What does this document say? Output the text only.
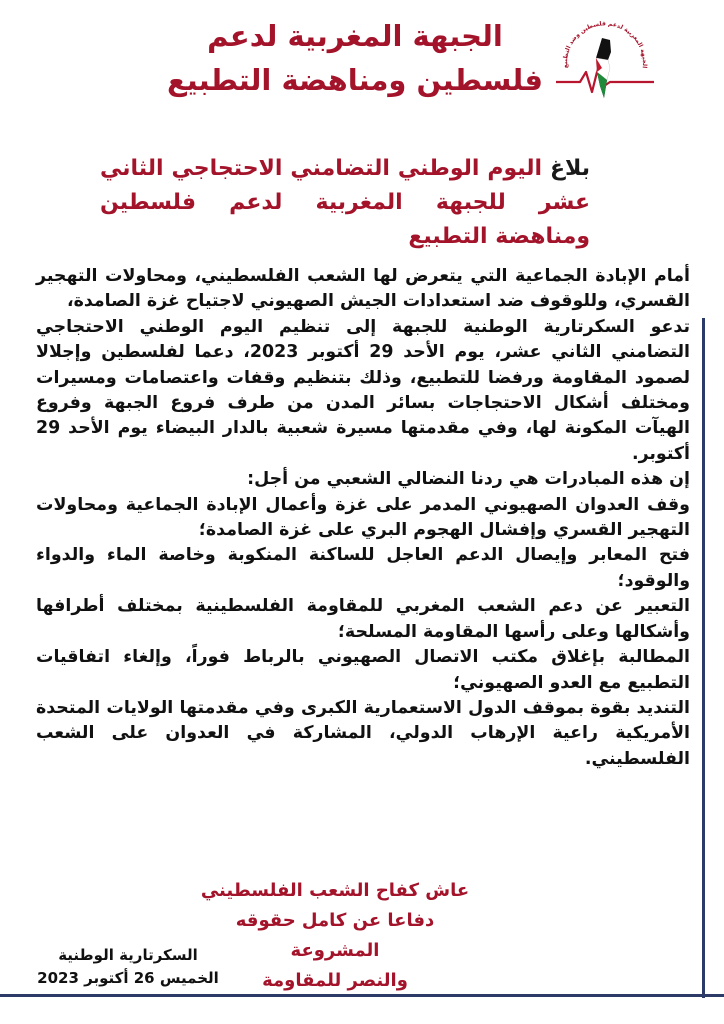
الجبهة المغربية لدعم
فلسطين ومناهضة التطبيع	الجبهة المغربية لدعم فلسطين وضد التطبيع
بلاغ اليوم الوطني التضامني الاحتجاجي الثاني عشر للجبهة المغربية لدعم فلسطين ومناهضة التطبيع

أمام الإبادة الجماعية التي يتعرض لها الشعب الفلسطيني، ومحاولات التهجير القسري، وللوقوف ضد استعدادات الجيش الصهيوني لاجتياح غزة الصامدة،

تدعو السكرتارية الوطنية للجبهة إلى تنظيم اليوم الوطني الاحتجاجي التضامني الثاني عشر، يوم الأحد 29 أكتوبر 2023، دعما لفلسطين وإجلالا لصمود المقاومة ورفضا للتطبيع، وذلك بتنظيم وقفات واعتصامات ومسيرات ومختلف أشكال الاحتجاجات بسائر المدن من طرف فروع الجبهة وفروع الهيآت المكونة لها، وفي مقدمتها مسيرة شعبية بالدار البيضاء يوم الأحد 29 أكتوبر.

إن هذه المبادرات هي ردنا النضالي الشعبي من أجل:

وقف العدوان الصهيوني المدمر على غزة وأعمال الإبادة الجماعية ومحاولات التهجير القسري وإفشال الهجوم البري على غزة الصامدة؛

فتح المعابر وإيصال الدعم العاجل للساكنة المنكوبة وخاصة الماء والدواء والوقود؛

التعبير عن دعم الشعب المغربي للمقاومة الفلسطينية بمختلف أطرافها وأشكالها وعلى رأسها المقاومة المسلحة؛

المطالبة بإغلاق مكتب الاتصال الصهيوني بالرباط فوراً، وإلغاء اتفاقيات التطبيع مع العدو الصهيوني؛

التنديد بقوة بموقف الدول الاستعمارية الكبرى وفي مقدمتها الولايات المتحدة الأمريكية راعية الإرهاب الدولي، المشاركة في العدوان على الشعب الفلسطيني.

عاش كفاح الشعب الفلسطيني
دفاعا عن كامل حقوقه المشروعة
والنصر للمقاومة
السكرتارية الوطنية
الخميس 26 أكتوبر 2023
